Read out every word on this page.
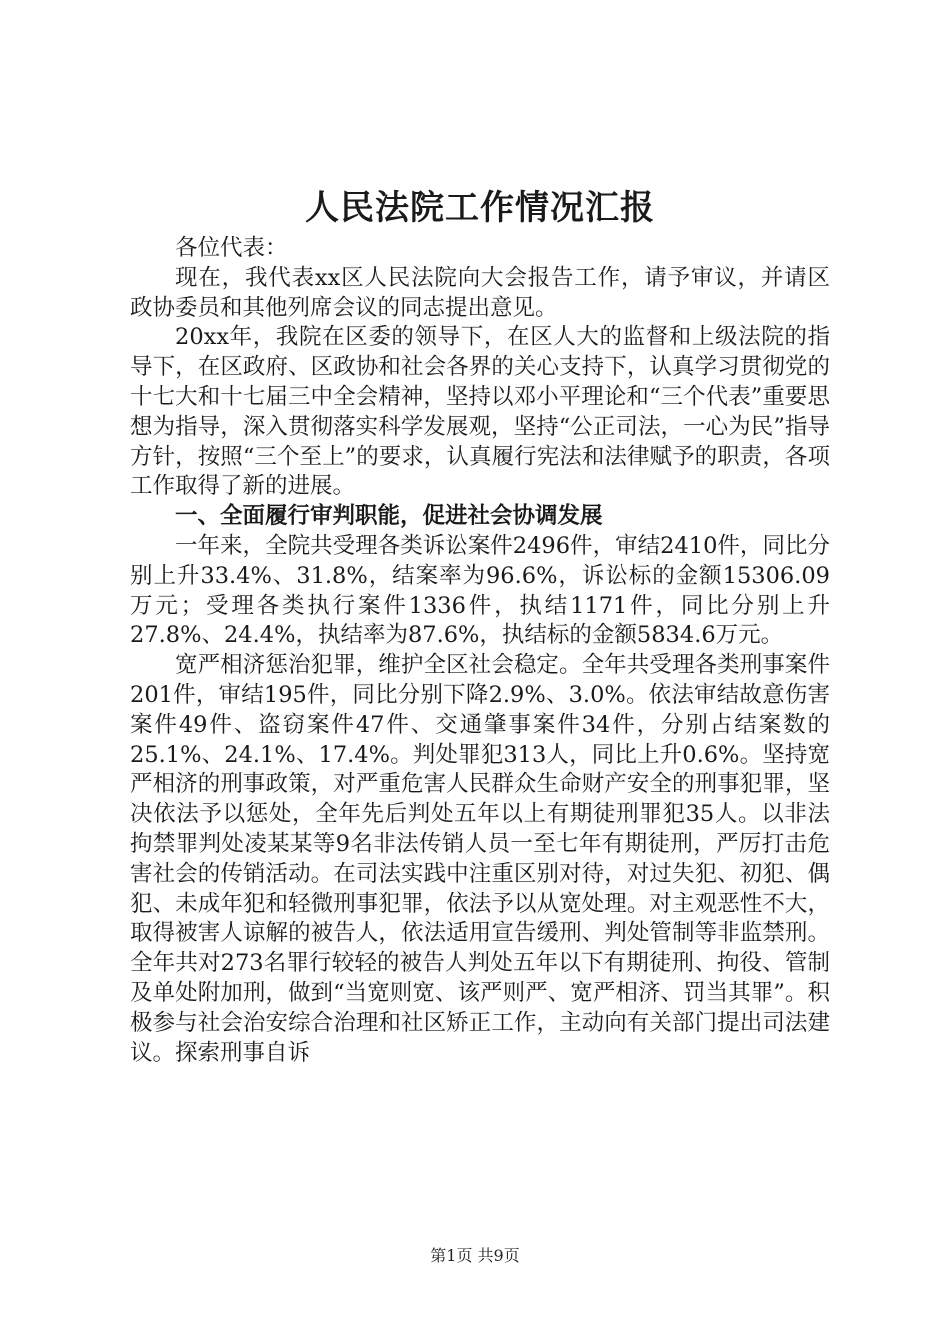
人民法院工作情况汇报

各位代表：

现在，我代表xx区人民法院向大会报告工作，请予审议，并请区政协委员和其他列席会议的同志提出意见。

20xx年，我院在区委的领导下，在区人大的监督和上级法院的指导下，在区政府、区政协和社会各界的关心支持下，认真学习贯彻党的十七大和十七届三中全会精神，坚持以邓小平理论和“三个代表”重要思想为指导，深入贯彻落实科学发展观，坚持“公正司法，一心为民”指导方针，按照“三个至上”的要求，认真履行宪法和法律赋予的职责，各项工作取得了新的进展。

一、全面履行审判职能，促进社会协调发展

一年来，全院共受理各类诉讼案件2496件，审结2410件，同比分别上升33.4%、31.8%，结案率为96.6%，诉讼标的金额15306.09万元；受理各类执行案件1336件，执结1171件，同比分别上升27.8%、24.4%，执结率为87.6%，执结标的金额5834.6万元。

宽严相济惩治犯罪，维护全区社会稳定。全年共受理各类刑事案件201件，审结195件，同比分别下降2.9%、3.0%。依法审结故意伤害案件49件、盗窃案件47件、交通肇事案件34件，分别占结案数的25.1%、24.1%、17.4%。判处罪犯313人，同比上升0.6%。坚持宽严相济的刑事政策，对严重危害人民群众生命财产安全的刑事犯罪，坚决依法予以惩处，全年先后判处五年以上有期徒刑罪犯35人。以非法拘禁罪判处凌某某等9名非法传销人员一至七年有期徒刑，严厉打击危害社会的传销活动。在司法实践中注重区别对待，对过失犯、初犯、偶犯、未成年犯和轻微刑事犯罪，依法予以从宽处理。对主观恶性不大，取得被害人谅解的被告人，依法适用宣告缓刑、判处管制等非监禁刑。全年共对273名罪行较轻的被告人判处五年以下有期徒刑、拘役、管制及单处附加刑，做到“当宽则宽、该严则严、宽严相济、罚当其罪”。积极参与社会治安综合治理和社区矫正工作，主动向有关部门提出司法建议。探索刑事自诉

第1页 共9页
